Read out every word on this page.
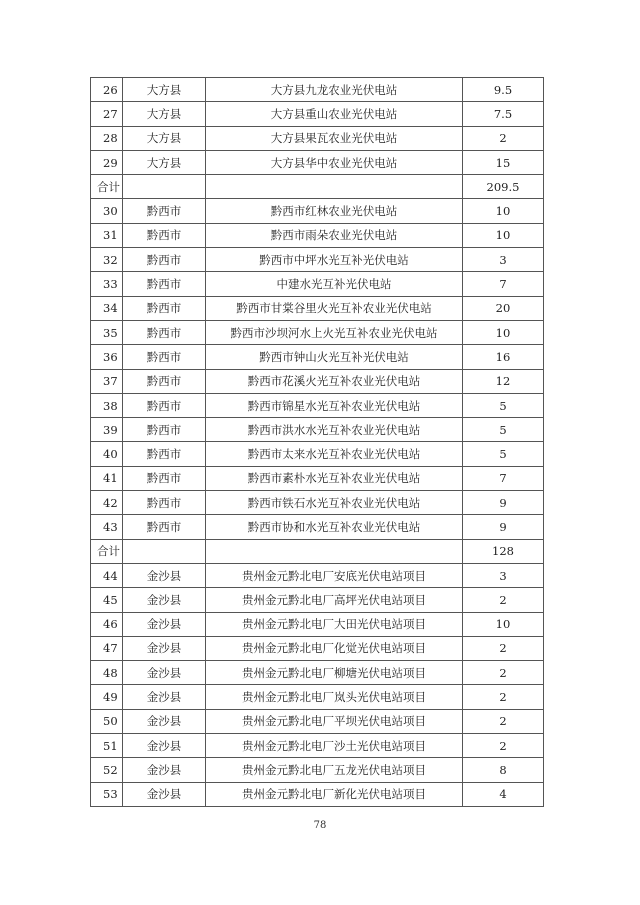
26	大方县	大方县九龙农业光伏电站	9.5
27	大方县	大方县重山农业光伏电站	7.5
28	大方县	大方县果瓦农业光伏电站	2
29	大方县	大方县华中农业光伏电站	15
合计			209.5
30	黔西市	黔西市红林农业光伏电站	10
31	黔西市	黔西市雨朵农业光伏电站	10
32	黔西市	黔西市中坪水光互补光伏电站	3
33	黔西市	中建水光互补光伏电站	7
34	黔西市	黔西市甘棠谷里火光互补农业光伏电站	20
35	黔西市	黔西市沙坝河水上火光互补农业光伏电站	10
36	黔西市	黔西市钟山火光互补光伏电站	16
37	黔西市	黔西市花溪火光互补农业光伏电站	12
38	黔西市	黔西市锦星水光互补农业光伏电站	5
39	黔西市	黔西市洪水水光互补农业光伏电站	5
40	黔西市	黔西市太来水光互补农业光伏电站	5
41	黔西市	黔西市素朴水光互补农业光伏电站	7
42	黔西市	黔西市铁石水光互补农业光伏电站	9
43	黔西市	黔西市协和水光互补农业光伏电站	9
合计			128
44	金沙县	贵州金元黔北电厂安底光伏电站项目	3
45	金沙县	贵州金元黔北电厂高坪光伏电站项目	2
46	金沙县	贵州金元黔北电厂大田光伏电站项目	10
47	金沙县	贵州金元黔北电厂化觉光伏电站项目	2
48	金沙县	贵州金元黔北电厂柳塘光伏电站项目	2
49	金沙县	贵州金元黔北电厂岚头光伏电站项目	2
50	金沙县	贵州金元黔北电厂平坝光伏电站项目	2
51	金沙县	贵州金元黔北电厂沙土光伏电站项目	2
52	金沙县	贵州金元黔北电厂五龙光伏电站项目	8
53	金沙县	贵州金元黔北电厂新化光伏电站项目	4
78
